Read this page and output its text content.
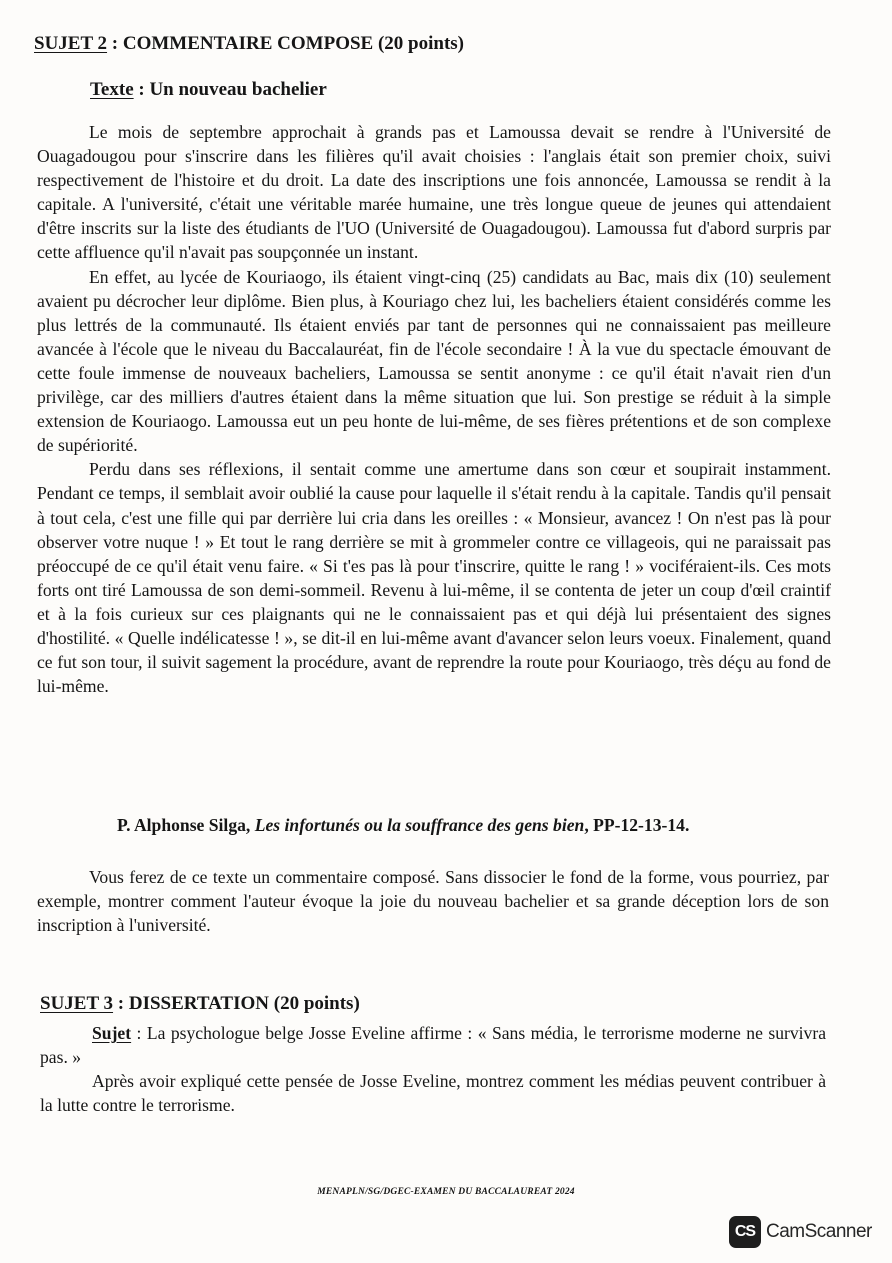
SUJET 2 : COMMENTAIRE COMPOSE (20 points)
Texte : Un nouveau bachelier

Le mois de septembre approchait à grands pas et Lamoussa devait se rendre à l'Université de Ouagadougou pour s'inscrire dans les filières qu'il avait choisies : l'anglais était son premier choix, suivi respectivement de l'histoire et du droit. La date des inscriptions une fois annoncée, Lamoussa se rendit à la capitale. A l'université, c'était une véritable marée humaine, une très longue queue de jeunes qui attendaient d'être inscrits sur la liste des étudiants de l'UO (Université de Ouagadougou). Lamoussa fut d'abord surpris par cette affluence qu'il n'avait pas soupçonnée un instant.

En effet, au lycée de Kouriaogo, ils étaient vingt-cinq (25) candidats au Bac, mais dix (10) seulement avaient pu décrocher leur diplôme. Bien plus, à Kouriago chez lui, les bacheliers étaient considérés comme les plus lettrés de la communauté. Ils étaient enviés par tant de personnes qui ne connaissaient pas meilleure avancée à l'école que le niveau du Baccalauréat, fin de l'école secondaire ! À la vue du spectacle émouvant de cette foule immense de nouveaux bacheliers, Lamoussa se sentit anonyme : ce qu'il était n'avait rien d'un privilège, car des milliers d'autres étaient dans la même situation que lui. Son prestige se réduit à la simple extension de Kouriaogo. Lamoussa eut un peu honte de lui-même, de ses fières prétentions et de son complexe de supériorité.

Perdu dans ses réflexions, il sentait comme une amertume dans son cœur et soupirait instamment. Pendant ce temps, il semblait avoir oublié la cause pour laquelle il s'était rendu à la capitale. Tandis qu'il pensait à tout cela, c'est une fille qui par derrière lui cria dans les oreilles : « Monsieur, avancez ! On n'est pas là pour observer votre nuque ! » Et tout le rang derrière se mit à grommeler contre ce villageois, qui ne paraissait pas préoccupé de ce qu'il était venu faire. « Si t'es pas là pour t'inscrire, quitte le rang ! » vociféraient-ils. Ces mots forts ont tiré Lamoussa de son demi-sommeil. Revenu à lui-même, il se contenta de jeter un coup d'œil craintif et à la fois curieux sur ces plaignants qui ne le connaissaient pas et qui déjà lui présentaient des signes d'hostilité. « Quelle indélicatesse ! », se dit-il en lui-même avant d'avancer selon leurs voeux. Finalement, quand ce fut son tour, il suivit sagement la procédure, avant de reprendre la route pour Kouriaogo, très déçu au fond de lui-même.

P. Alphonse Silga, Les infortunés ou la souffrance des gens bien, PP-12-13-14.

Vous ferez de ce texte un commentaire composé. Sans dissocier le fond de la forme, vous pourriez, par exemple, montrer comment l'auteur évoque la joie du nouveau bachelier et sa grande déception lors de son inscription à l'université.

SUJET 3 : DISSERTATION (20 points)

Sujet : La psychologue belge Josse Eveline affirme : « Sans média, le terrorisme moderne ne survivra pas. »

Après avoir expliqué cette pensée de Josse Eveline, montrez comment les médias peuvent contribuer à la lutte contre le terrorisme.

MENAPLN/SG/DGEC-EXAMEN DU BACCALAUREAT 2024
CS CamScanner
